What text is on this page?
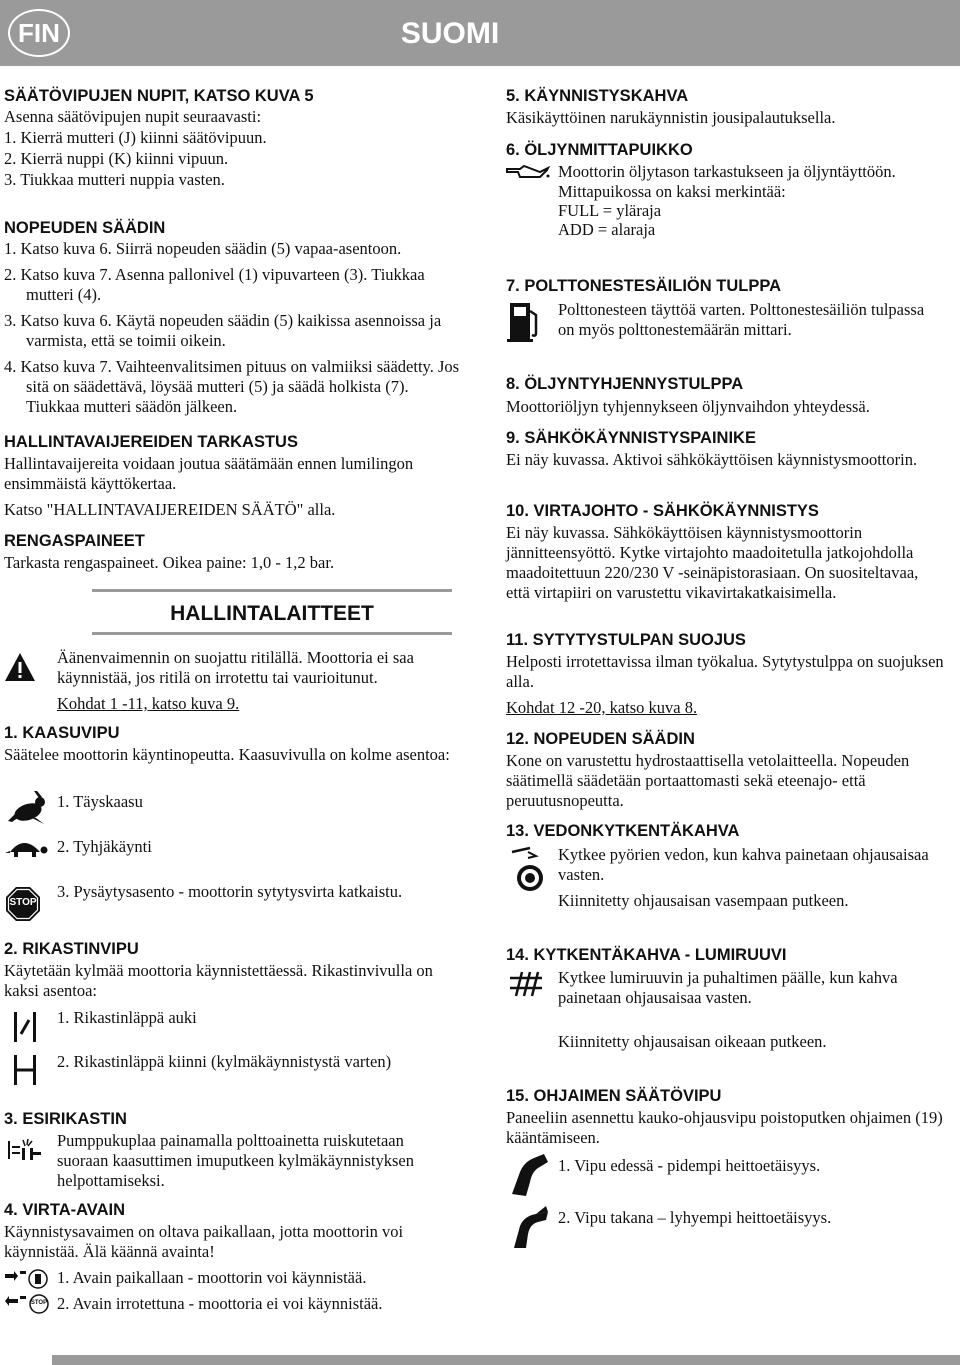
FIN	SUOMI

SÄÄTÖVIPUJEN NUPIT, KATSO KUVA 5

Asenna säätövipujen nupit seuraavasti:

1. Kierrä mutteri (J) kiinni säätövipuun.

2. Kierrä nuppi (K) kiinni vipuun.

3. Tiukkaa mutteri nuppia vasten.

NOPEUDEN SÄÄDIN

1. Katso kuva 6. Siirrä nopeuden säädin (5) vapaa-asentoon.

2. Katso kuva 7. Asenna pallonivel (1) vipuvarteen (3). Tiukkaa mutteri (4).

3. Katso kuva 6. Käytä nopeuden säädin (5) kaikissa asennoissa ja varmista, että se toimii oikein.

4. Katso kuva 7. Vaihteenvalitsimen pituus on valmiiksi säädetty. Jos sitä on säädettävä, löysää mutteri (5) ja säädä holkista (7). Tiukkaa mutteri säädön jälkeen.

HALLINTAVAIJEREIDEN TARKASTUS

Hallintavaijereita voidaan joutua säätämään ennen lumilingon ensimmäistä käyttökertaa.

Katso "HALLINTAVAIJEREIDEN SÄÄTÖ" alla.

RENGASPAINEET

Tarkasta rengaspaineet. Oikea paine: 1,0 - 1,2 bar.

HALLINTALAITTEET

Äänenvaimennin on suojattu ritilällä. Moottoria ei saa käynnistää, jos ritilä on irrotettu tai vaurioitunut.

Kohdat 1 -11, katso kuva 9.

1. KAASUVIPU

Säätelee moottorin käyntinopeutta. Kaasuvivulla on kolme asentoa:

1. Täyskaasu

2. Tyhjäkäynti

STOP

3. Pysäytysasento - moottorin sytytysvirta katkaistu.

2. RIKASTINVIPU

Käytetään kylmää moottoria käynnistettäessä. Rikastinvivulla on kaksi asentoa:

1. Rikastinläppä auki

2. Rikastinläppä kiinni (kylmäkäynnistystä varten)

3. ESIRIKASTIN

Pumppukuplaa painamalla polttoainetta ruiskutetaan suoraan kaasuttimen imuputkeen kylmäkäynnistyksen helpottamiseksi.

4. VIRTA-AVAIN

Käynnistysavaimen on oltava paikallaan, jotta moottorin voi käynnistää. Älä käännä avainta!

1. Avain paikallaan - moottorin voi käynnistää.

STOP 2. Avain irrotettuna - moottoria ei voi käynnistää.

5. KÄYNNISTYSKAHVA

Käsikäyttöinen narukäynnistin jousipalautuksella.

6. ÖLJYNMITTAPUIKKO

Moottorin öljytason tarkastukseen ja öljyntäyttöön.

Mittapuikossa on kaksi merkintää:

FULL = yläraja

ADD = alaraja

7. POLTTONESTESÄILIÖN TULPPA

Polttonesteen täyttöä varten. Polttonestesäiliön tulpassa on myös polttonestemäärän mittari.

8. ÖLJYNTYHJENNYSTULPPA

Moottoriöljyn tyhjennykseen öljynvaihdon yhteydessä.

9. SÄHKÖKÄYNNISTYSPAINIKE

Ei näy kuvassa. Aktivoi sähkökäyttöisen käynnistysmoottorin.

10. VIRTAJOHTO - SÄHKÖKÄYNNISTYS

Ei näy kuvassa. Sähkökäyttöisen käynnistysmoottorin jännitteensyöttö. Kytke virtajohto maadoitetulla jatkojohdolla maadoitettuun 220/230 V -seinäpistorasiaan. On suositeltavaa, että virtapiiri on varustettu vikavirtakatkaisimella.

11. SYTYTYSTULPAN SUOJUS

Helposti irrotettavissa ilman työkalua. Sytytystulppa on suojuksen alla.

Kohdat 12 -20, katso kuva 8.

12. NOPEUDEN SÄÄDIN

Kone on varustettu hydrostaattisella vetolaitteella. Nopeuden säätimellä säädetään portaattomasti sekä eteenajo- että peruutusnopeutta.

13. VEDONKYTKENTÄKAHVA

Kytkee pyörien vedon, kun kahva painetaan ohjausaisaa vasten.

Kiinnitetty ohjausaisan vasempaan putkeen.

14. KYTKENTÄKAHVA - LUMIRUUVI

Kytkee lumiruuvin ja puhaltimen päälle, kun kahva painetaan ohjausaisaa vasten.

Kiinnitetty ohjausaisan oikeaan putkeen.

15. OHJAIMEN SÄÄTÖVIPU

Paneeliin asennettu kauko-ohjausvipu poistoputken ohjaimen (19) kääntämiseen.

1. Vipu edessä - pidempi heittoetäisyys.

2. Vipu takana – lyhyempi heittoetäisyys.
